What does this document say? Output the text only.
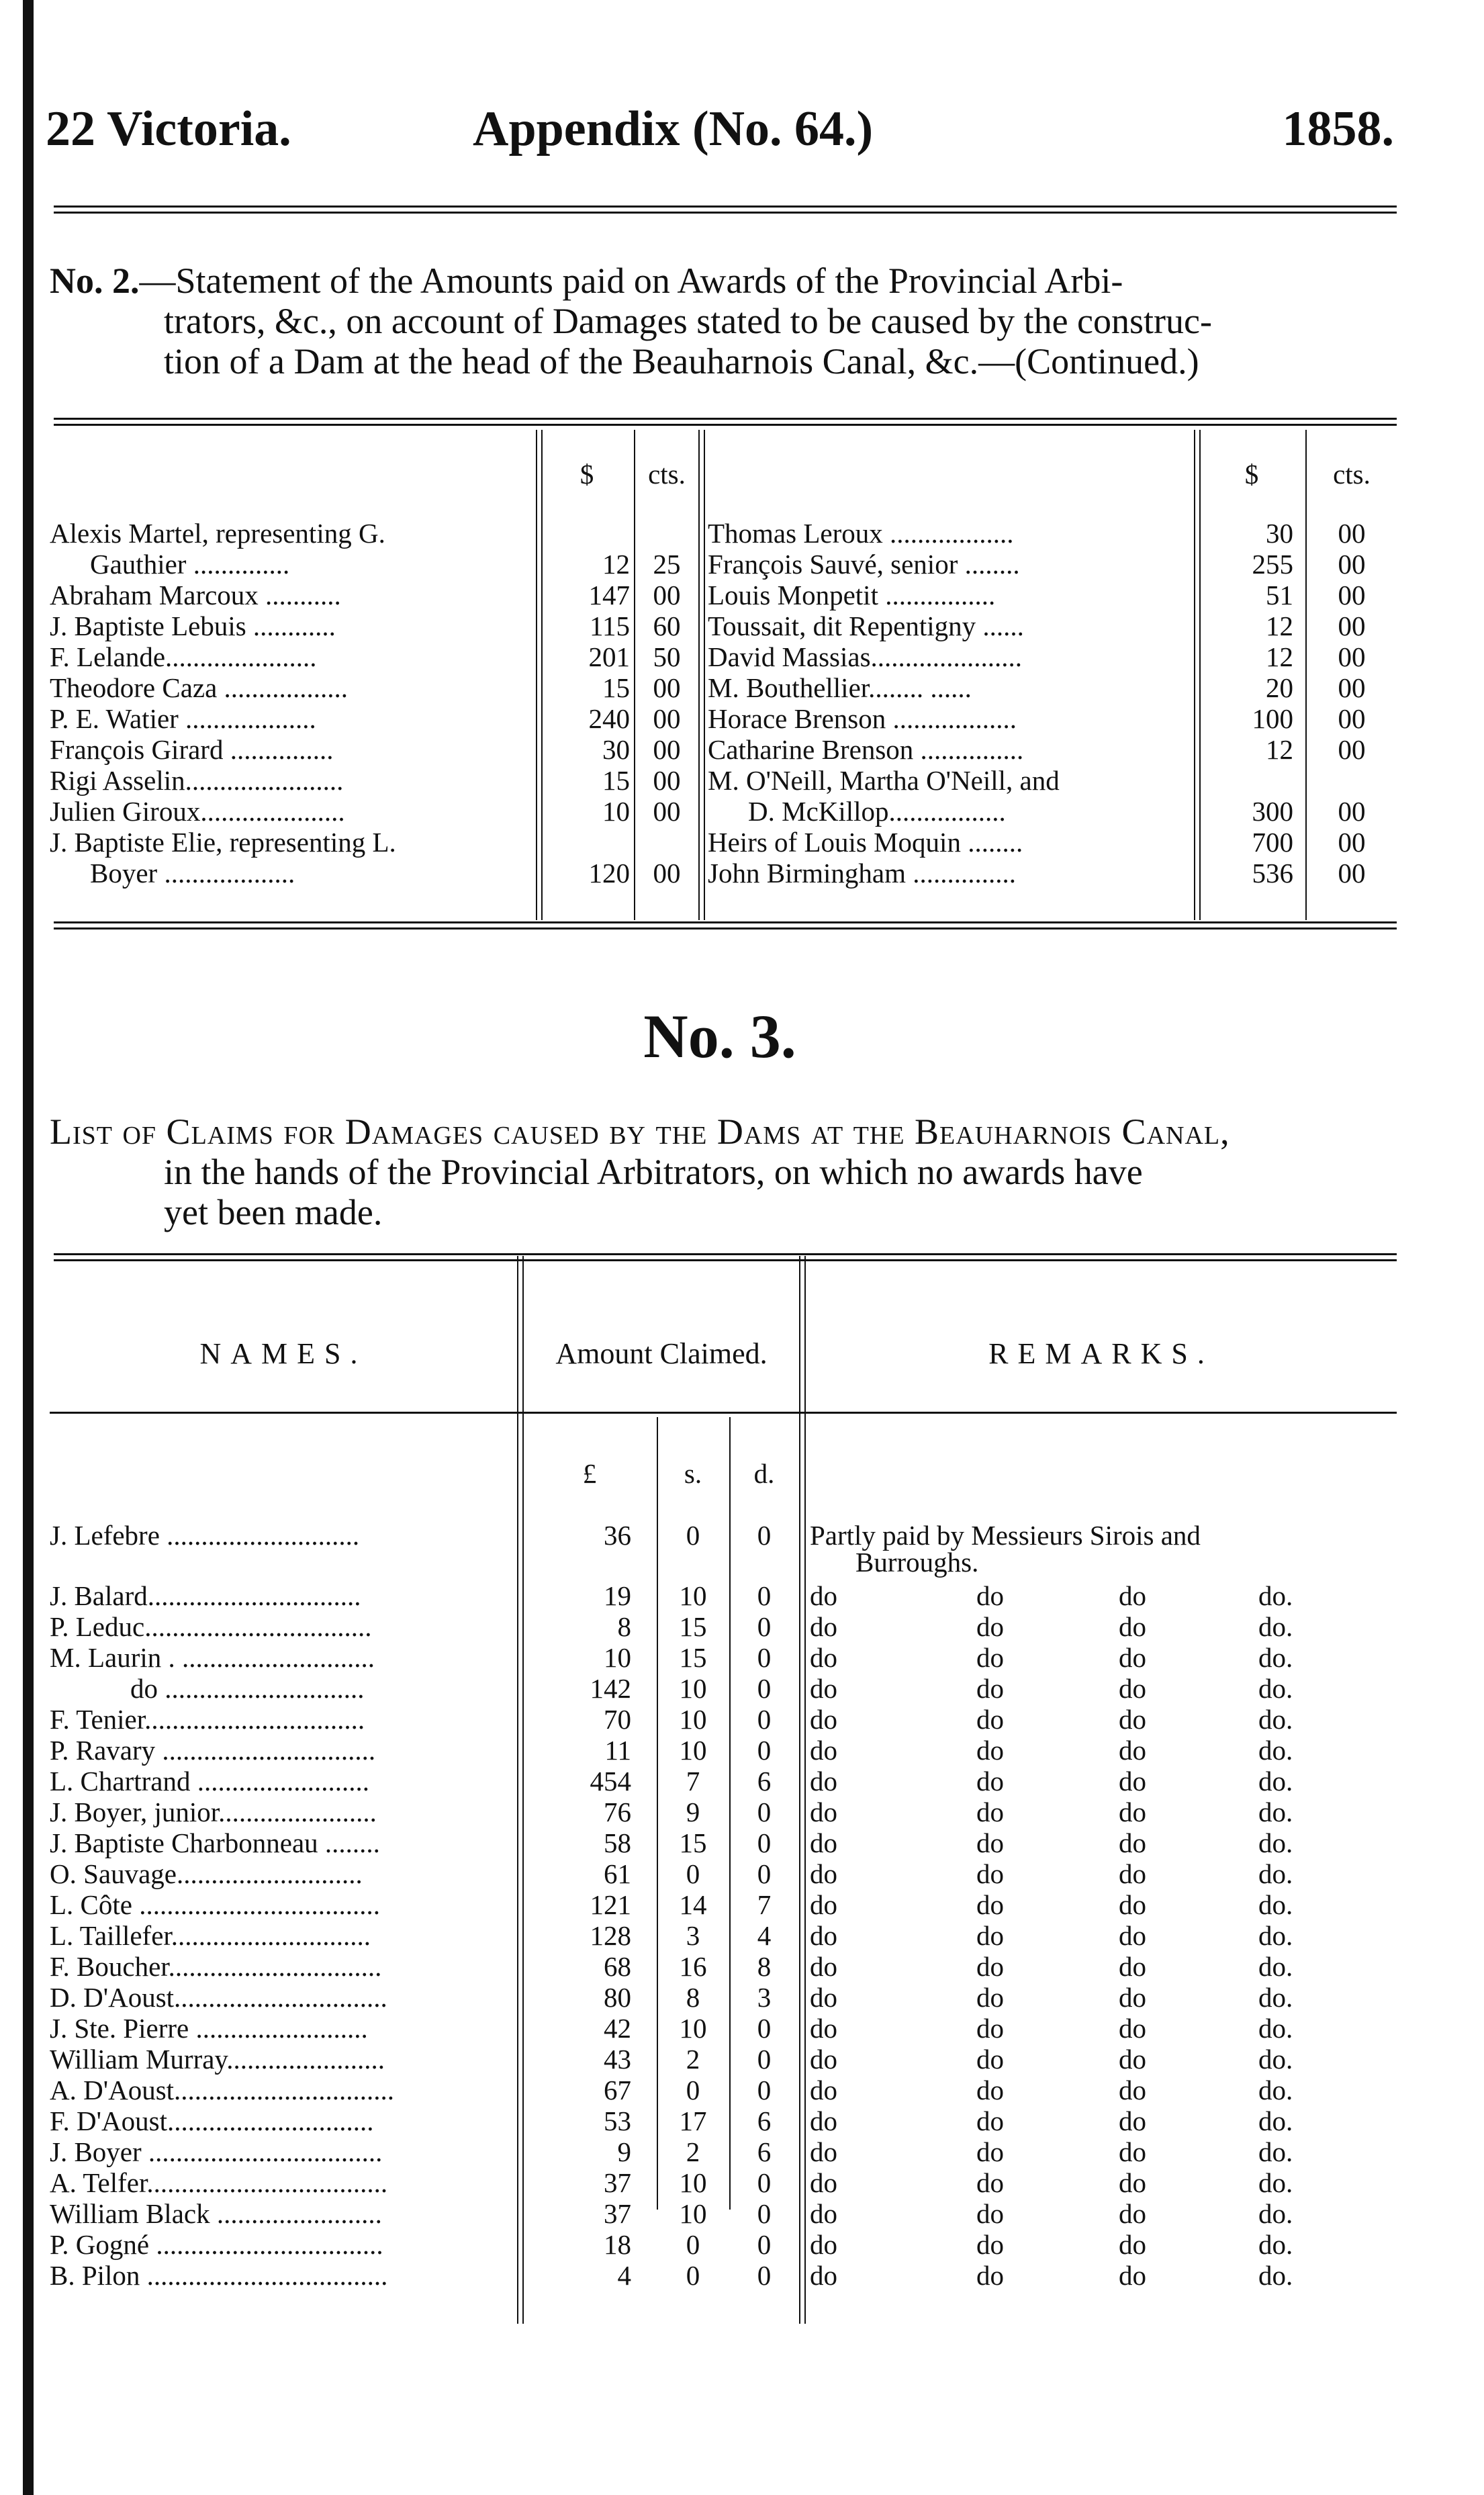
22 Victoria.	Appendix (No. 64.)	1858.
No. 2.—Statement of the Amounts paid on Awards of the Provincial Arbi-
trators, &c., on account of Damages stated to be caused by the construc-
tion of a Dam at the head of the Beauharnois Canal, &c.—(Continued.)
$	cts.	$	cts.
Alexis Martel, representing G.
Gauthier ..............	12 25
Abraham Marcoux ...........	147 00
J. Baptiste Lebuis ............	115 60
F. Lelande......................	201 50
Theodore Caza ..................	15 00
P. E. Watier ...................	240 00
François Girard ...............	30 00
Rigi Asselin.......................	15 00
Julien Giroux.....................	10 00
J. Baptiste Elie, representing L.
Boyer ...................	120 00
Thomas Leroux ..................	30	00
François Sauvé, senior ........	255	00
Louis Monpetit ................	51	00
Toussait, dit Repentigny ......	12	00
David Massias......................	12	00
M. Bouthellier........ ......	20	00
Horace Brenson ..................	100	00
Catharine Brenson ...............	12	00
M. O'Neill, Martha O'Neill, and
D. McKillop.................	300	00
Heirs of Louis Moquin ........	700	00
John Birmingham ...............	536	00
No. 3.
List of Claims for Damages caused by the Dams at the Beauharnois Canal,
in the hands of the Provincial Arbitrators, on which no awards have
yet been made.
NAMES.	Amount Claimed.	REMARKS.
£	s.	d.
J. Lefebre ............................	36	0	0	Partly paid by Messieurs Sirois and
Burroughs.
J. Balard...............................	19	10	0	do	do	do	do.
P. Leduc.................................	8	15	0	do	do	do	do.
M. Laurin . ............................	10	15	0	do	do	do	do.
do .............................	142	10	0	do	do	do	do.
F. Tenier................................	70	10	0	do	do	do	do.
P. Ravary ...............................	11	10	0	do	do	do	do.
L. Chartrand .........................	454	7	6	do	do	do	do.
J. Boyer, junior.......................	76	9	0	do	do	do	do.
J. Baptiste Charbonneau ........	58	15	0	do	do	do	do.
O. Sauvage...........................	61	0	0	do	do	do	do.
L. Côte ...................................	121	14	7	do	do	do	do.
L. Taillefer.............................	128	3	4	do	do	do	do.
F. Boucher...............................	68	16	8	do	do	do	do.
D. D'Aoust...............................	80	8	3	do	do	do	do.
J. Ste. Pierre .........................	42	10	0	do	do	do	do.
William Murray.......................	43	2	0	do	do	do	do.
A. D'Aoust................................	67	0	0	do	do	do	do.
F. D'Aoust..............................	53	17	6	do	do	do	do.
J. Boyer ..................................	9	2	6	do	do	do	do.
A. Telfer...................................	37	10	0	do	do	do	do.
William Black ........................	37	10	0	do	do	do	do.
P. Gogné .................................	18	0	0	do	do	do	do.
B. Pilon ...................................	4	0	0	do	do	do	do.
